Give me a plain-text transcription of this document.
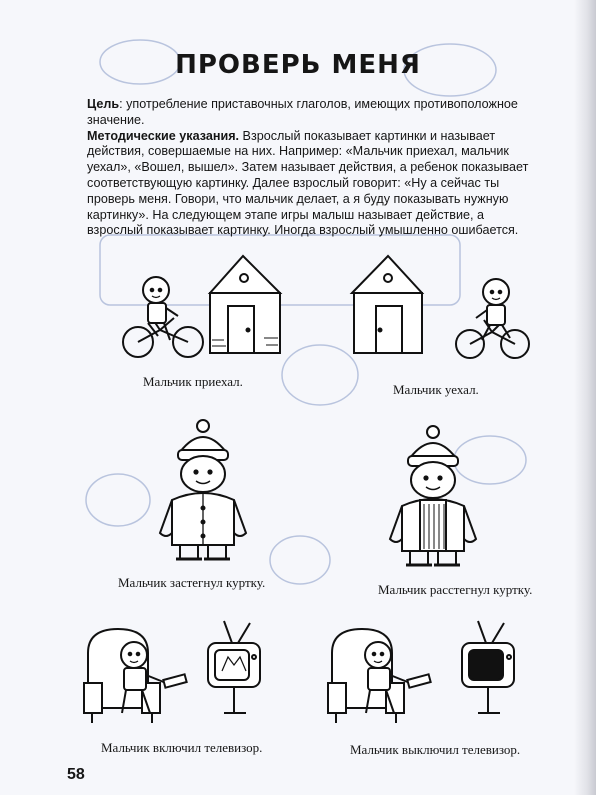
ПРОВЕРЬ МЕНЯ

Цель: употребление приставочных глаголов, имеющих противоположное значение.

Методические указания. Взрослый показывает картинки и называет действия, совершаемые на них. Например: «Мальчик приехал, мальчик уехал», «Вошел, вышел». Затем называет действия, а ребенок показывает соответствующую картинку. Далее взрослый говорит: «Ну а сейчас ты проверь меня. Говори, что мальчик делает, а я буду показывать нужную картинку». На следующем этапе игры малыш называет действие, а взрослый показывает картинку. Иногда взрослый умышленно ошибается.

Мальчик приехал.
Мальчик уехал.
Мальчик застегнул куртку.	Мальчик расстегнул куртку.
Мальчик включил телевизор.	Мальчик выключил телевизор.
58
